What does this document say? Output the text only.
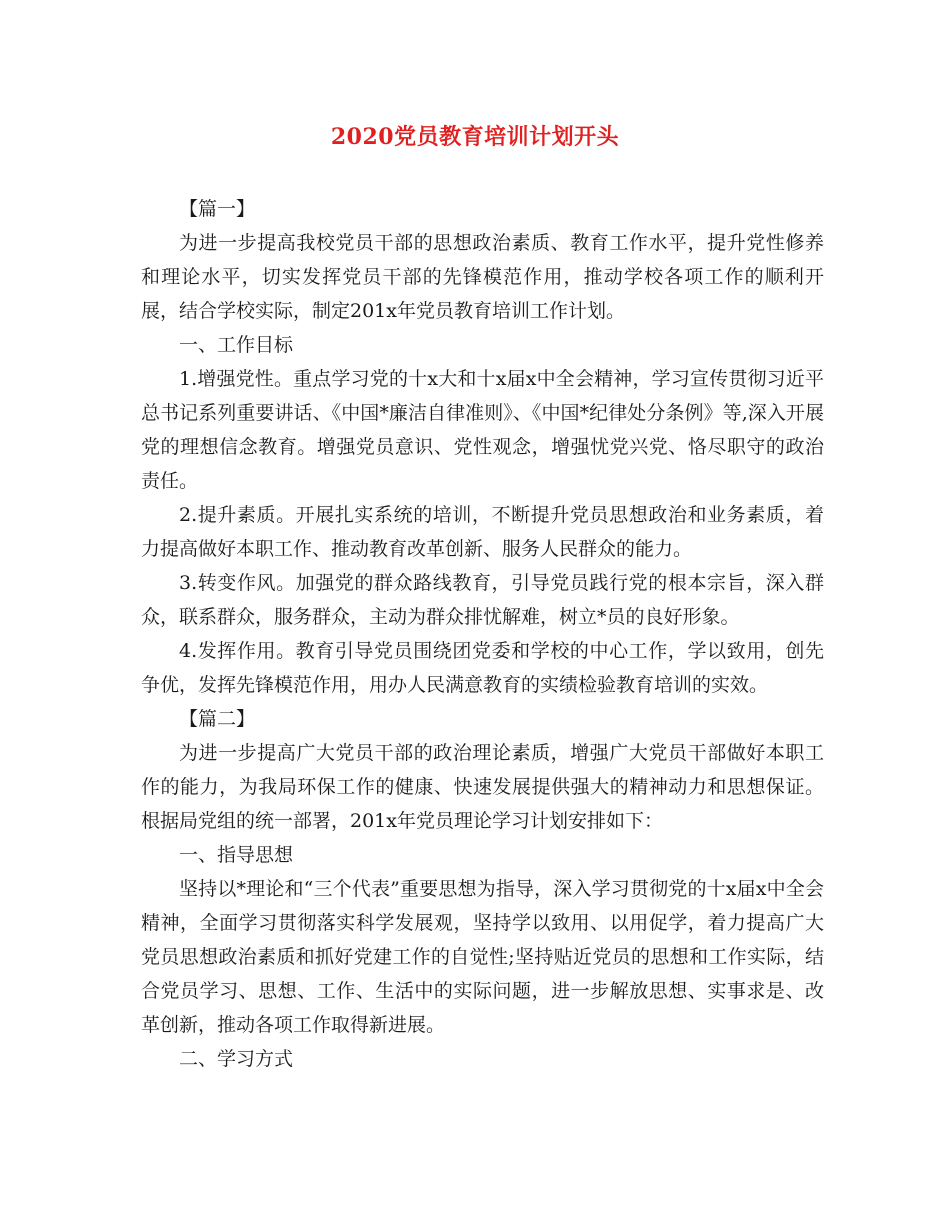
2020党员教育培训计划开头

【篇一】

为进一步提高我校党员干部的思想政治素质、教育工作水平，提升党性修养和理论水平，切实发挥党员干部的先锋模范作用，推动学校各项工作的顺利开展，结合学校实际，制定201x年党员教育培训工作计划。

一、工作目标

1.增强党性。重点学习党的十x大和十x届x中全会精神，学习宣传贯彻习近平总书记系列重要讲话、《中国*廉洁自律准则》、《中国*纪律处分条例》等,深入开展党的理想信念教育。增强党员意识、党性观念，增强忧党兴党、恪尽职守的政治责任。

2.提升素质。开展扎实系统的培训，不断提升党员思想政治和业务素质，着力提高做好本职工作、推动教育改革创新、服务人民群众的能力。

3.转变作风。加强党的群众路线教育，引导党员践行党的根本宗旨，深入群众，联系群众，服务群众，主动为群众排忧解难，树立*员的良好形象。

4.发挥作用。教育引导党员围绕团党委和学校的中心工作，学以致用，创先争优，发挥先锋模范作用，用办人民满意教育的实绩检验教育培训的实效。

【篇二】

为进一步提高广大党员干部的政治理论素质，增强广大党员干部做好本职工作的能力，为我局环保工作的健康、快速发展提供强大的精神动力和思想保证。根据局党组的统一部署，201x年党员理论学习计划安排如下：

一、指导思想

坚持以*理论和“三个代表”重要思想为指导，深入学习贯彻党的十x届x中全会精神，全面学习贯彻落实科学发展观，坚持学以致用、以用促学，着力提高广大党员思想政治素质和抓好党建工作的自觉性;坚持贴近党员的思想和工作实际，结合党员学习、思想、工作、生活中的实际问题，进一步解放思想、实事求是、改革创新，推动各项工作取得新进展。

二、学习方式
